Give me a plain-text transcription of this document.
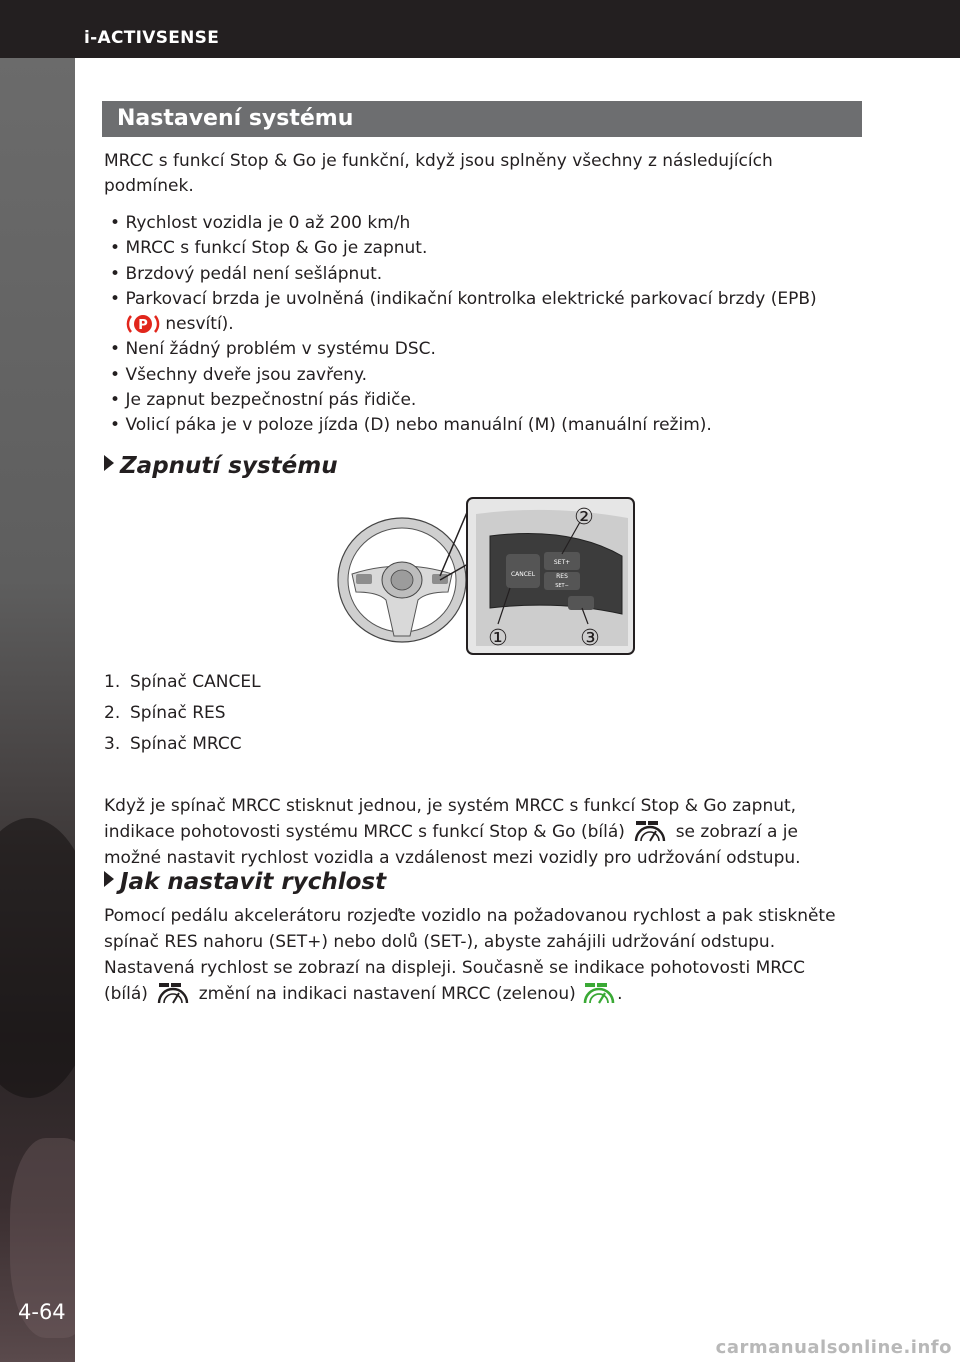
i-ACTIVSENSE
4-64
Nastavení systému
MRCC s funkcí Stop & Go je funkční, když jsou splněny všechny z následujících
podmínek.
• Rychlost vozidla je 0 až 200 km/h
• MRCC s funkcí Stop & Go je zapnut.
• Brzdový pedál není sešlápnut.
• Parkovací brzda je uvolněná (indikační kontrolka elektrické parkovací brzdy (EPB)
P nesvítí).
• Není žádný problém v systému DSC.
• Všechny dveře jsou zavřeny.
• Je zapnut bezpečnostní pás řidiče.
• Volicí páka je v poloze jízda (D) nebo manuální (M) (manuální režim).
Zapnutí systému
CANCEL
SET+
RES
SET−
①
②
③
1. Spínač CANCEL
2. Spínač RES
3. Spínač MRCC
Když je spínač MRCC stisknut jednou, je systém MRCC s funkcí Stop & Go zapnut,
indikace pohotovosti systému MRCC s funkcí Stop & Go (bílá)	se zobrazí a je
možné nastavit rychlost vozidla a vzdálenost mezi vozidly pro udržování odstupu.
Jak nastavit rychlost
Pomocí pedálu akcelerátoru rozjeďte vozidlo na požadovanou rychlost a pak stiskněte
spínač RES nahoru (SET+) nebo dolů (SET-), abyste zahájili udržování odstupu.
Nastavená rychlost se zobrazí na displeji. Současně se indikace pohotovosti MRCC
(bílá)	změní na indikaci nastavení MRCC (zelenou) .
carmanualsonline.info
